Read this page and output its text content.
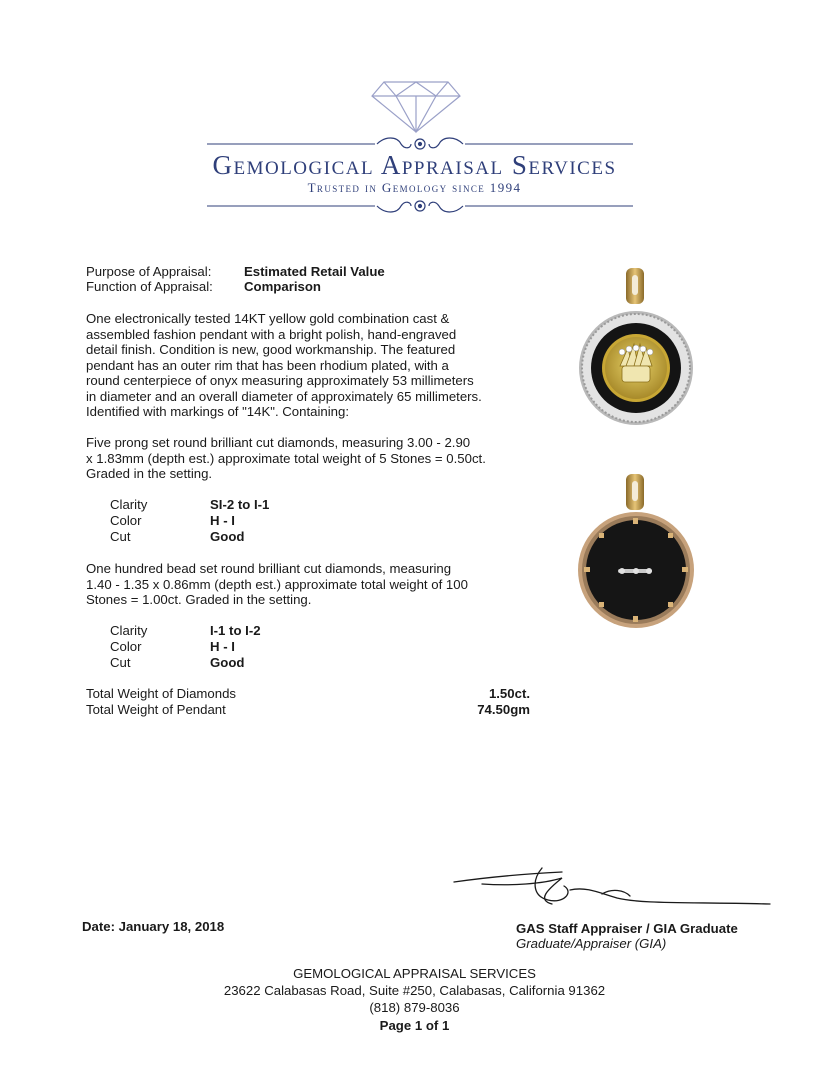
Gemological Appraisal Services
Trusted in Gemology since 1994
Purpose of Appraisal: Estimated Retail Value
Function of Appraisal: Comparison
One electronically tested 14KT yellow gold combination cast &
assembled fashion pendant with a bright polish, hand-engraved
detail finish. Condition is new, good workmanship. The featured
pendant has an outer rim that has been rhodium plated, with a
round centerpiece of onyx measuring approximately 53 millimeters
in diameter and an overall diameter of approximately 65 millimeters.
Identified with markings of "14K". Containing:
Five prong set round brilliant cut diamonds, measuring 3.00 - 2.90
x 1.83mm (depth est.) approximate total weight of 5 Stones = 0.50ct.
Graded in the setting.
Clarity	SI-2 to I-1
Color	H - I
Cut	Good
One hundred bead set round brilliant cut diamonds, measuring
1.40 - 1.35 x 0.86mm (depth est.) approximate total weight of 100
Stones = 1.00ct. Graded in the setting.
Clarity	I-1 to I-2
Color	H - I
Cut	Good
Total Weight of Diamonds	1.50ct.
Total Weight of Pendant	74.50gm
Date: January 18, 2018	GAS Staff Appraiser / GIA Graduate
Graduate/Appraiser (GIA)
GEMOLOGICAL APPRAISAL SERVICES
23622 Calabasas Road, Suite #250, Calabasas, California 91362
(818) 879-8036
Page 1 of 1
